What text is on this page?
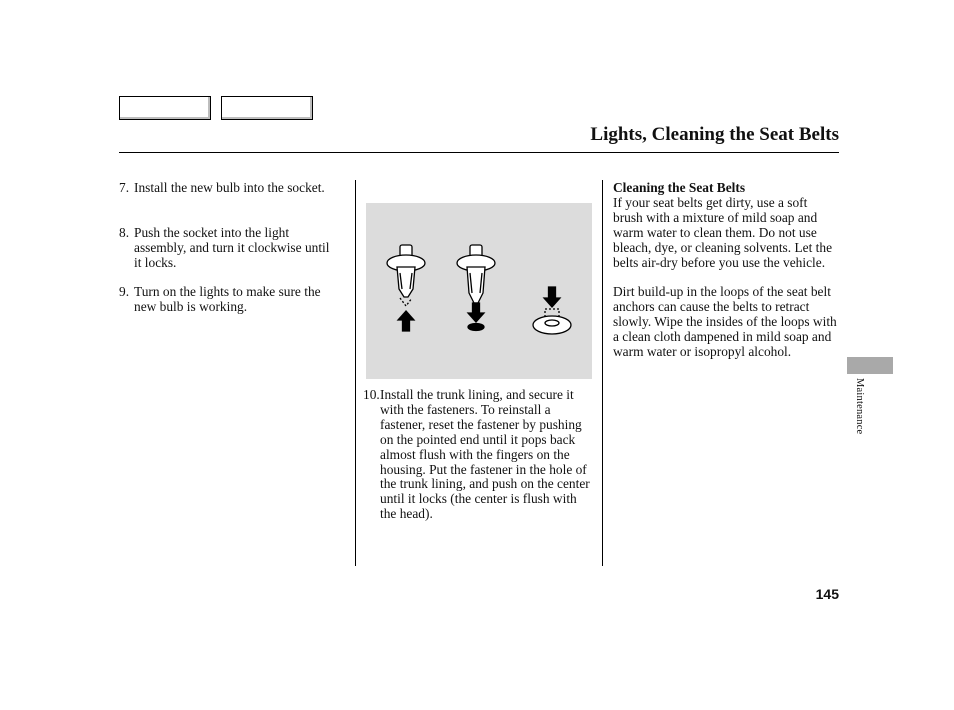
Lights, Cleaning the Seat Belts
7. Install the new bulb into the socket.
8. Push the socket into the light assembly, and turn it clockwise until it locks.
9. Turn on the lights to make sure the new bulb is working.
10. Install the trunk lining, and secure it with the fasteners. To reinstall a fastener, reset the fastener by pushing on the pointed end until it pops back almost flush with the fingers on the housing. Put the fastener in the hole of the trunk lining, and push on the center until it locks (the center is flush with the head).
Cleaning the Seat Belts

If your seat belts get dirty, use a soft brush with a mixture of mild soap and warm water to clean them. Do not use bleach, dye, or cleaning solvents. Let the belts air-dry before you use the vehicle.

Dirt build-up in the loops of the seat belt anchors can cause the belts to retract slowly. Wipe the insides of the loops with a clean cloth dampened in mild soap and warm water or isopropyl alcohol.

Maintenance
145
